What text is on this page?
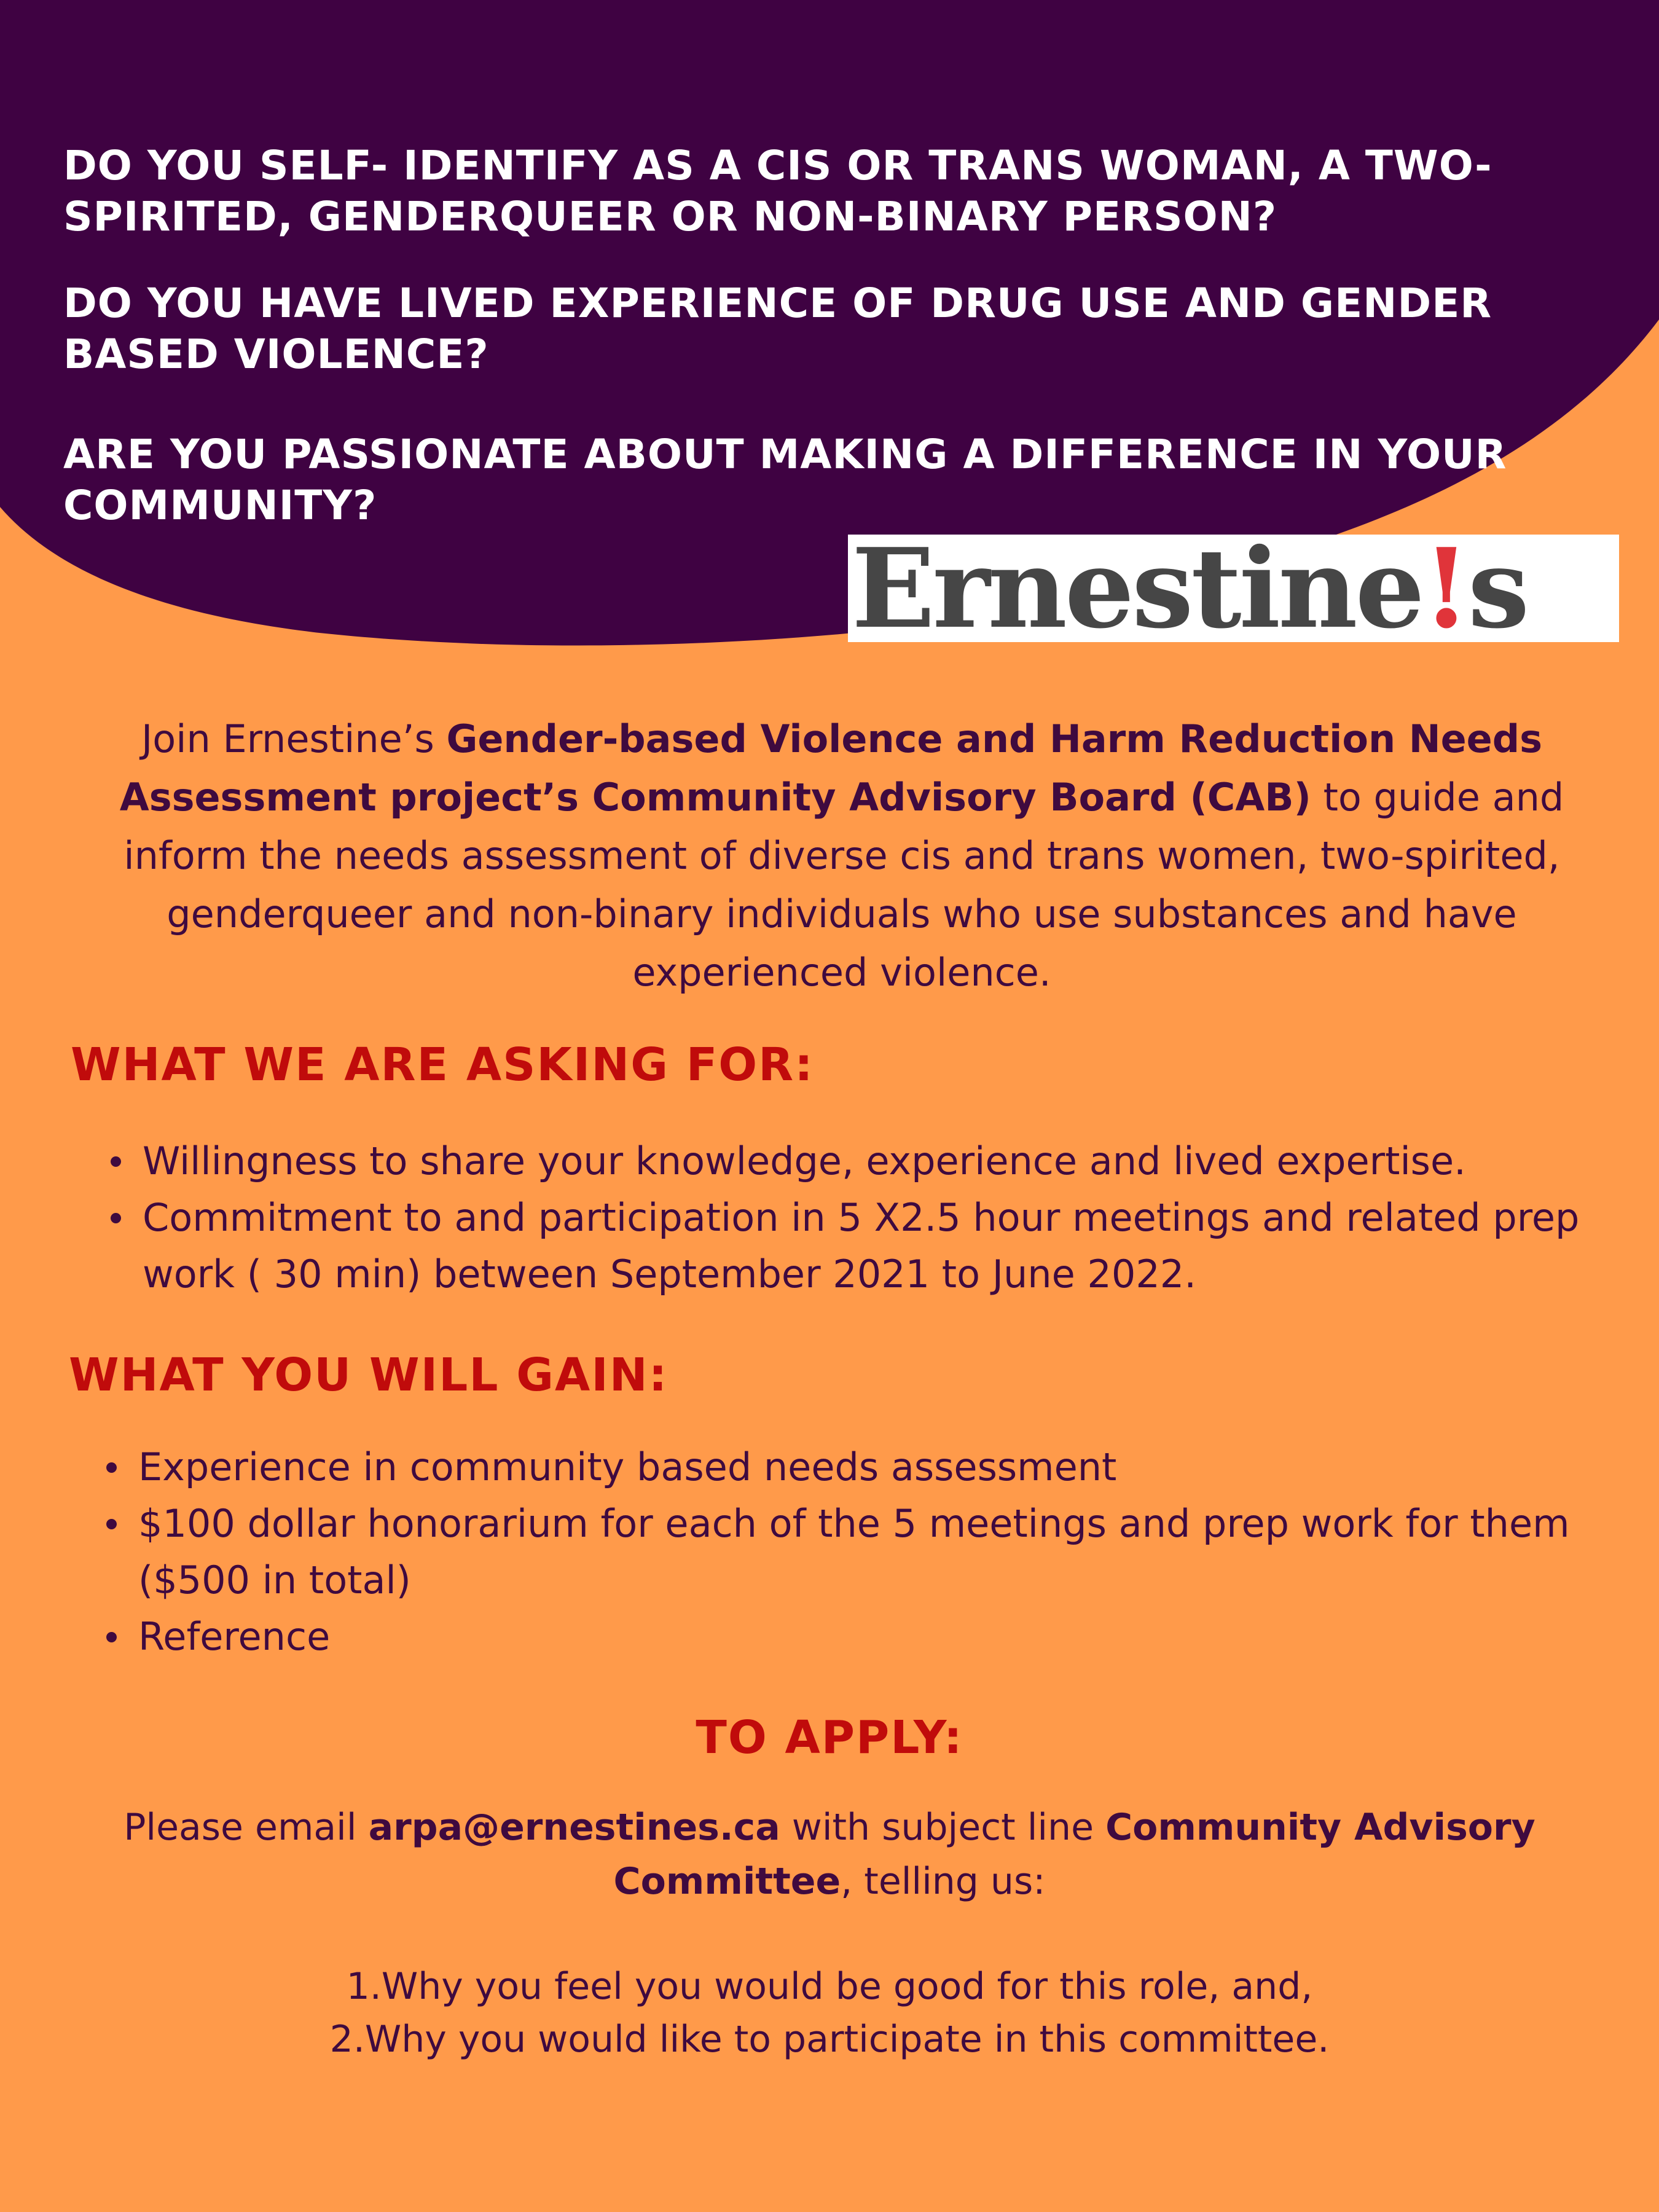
DO YOU SELF- IDENTIFY AS A CIS OR TRANS WOMAN, A TWO-SPIRITED, GENDERQUEER OR NON-BINARY PERSON?

DO YOU HAVE LIVED EXPERIENCE OF DRUG USE AND GENDER BASED VIOLENCE?

ARE YOU PASSIONATE ABOUT MAKING A DIFFERENCE IN YOUR COMMUNITY?

Ernestine!s

Join Ernestine’s Gender-based Violence and Harm Reduction Needs Assessment project’s Community Advisory Board (CAB) to guide and inform the needs assessment of diverse cis and trans women, two-spirited, genderqueer and non-binary individuals who use substances and have experienced violence.

WHAT WE ARE ASKING FOR:
Willingness to share your knowledge, experience and lived expertise.
Commitment to and participation in 5 X2.5 hour meetings and related prep work ( 30 min) between September 2021 to June 2022.
WHAT YOU WILL GAIN:
Experience in community based needs assessment
$100 dollar honorarium for each of the 5 meetings and prep work for them ($500 in total)
Reference
TO APPLY:

Please email arpa@ernestines.ca with subject line Community Advisory Committee, telling us:

1.Why you feel you would be good for this role, and,
2.Why you would like to participate in this committee.
